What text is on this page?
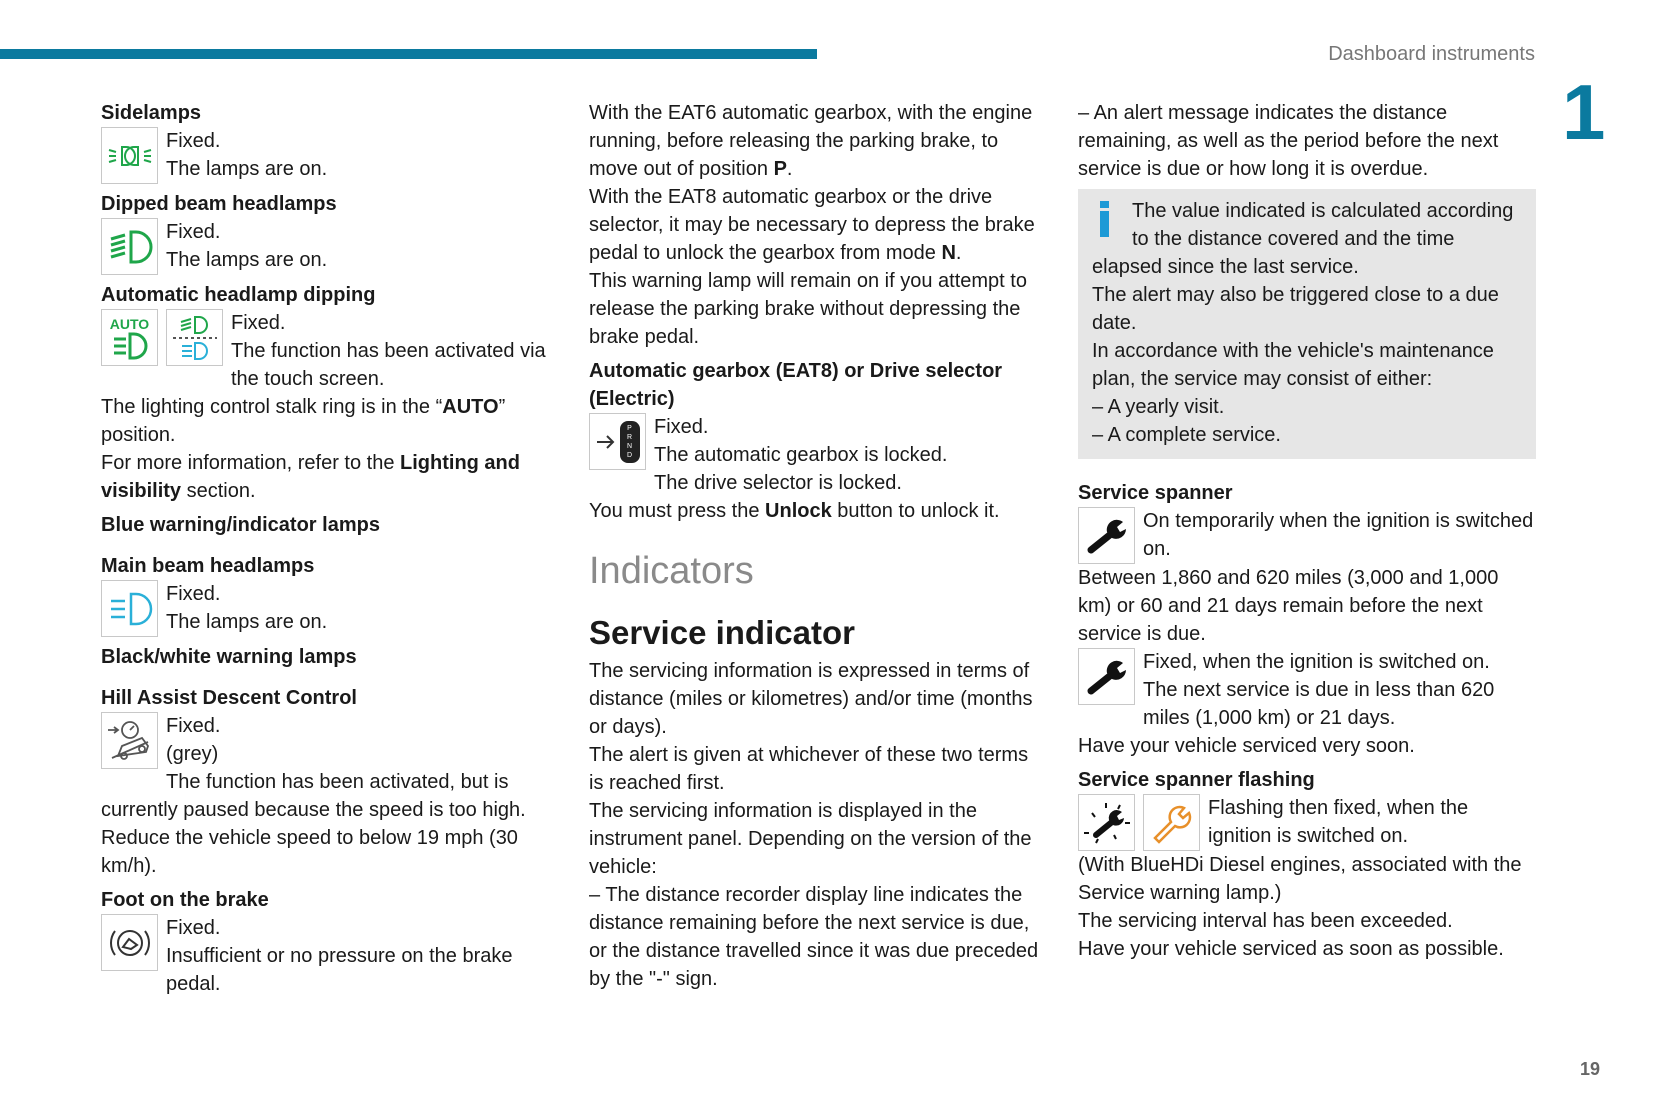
Dashboard instruments
1
19
Sidelamps

Fixed.

The lamps are on.

Dipped beam headlamps

Fixed.

The lamps are on.

Automatic headlamp dipping
AUTO	Fixed.

The function has been activated via the touch screen.

The lighting control stalk ring is in the “AUTO” position.

For more information, refer to the Lighting and visibility section.

Blue warning/indicator lamps
Main beam headlamps

Fixed.

The lamps are on.

Black/white warning lamps
Hill Assist Descent Control

Fixed.

(grey)

The function has been activated, but is currently paused because the speed is too high.

Reduce the vehicle speed to below 19 mph (30 km/h).

Foot on the brake

Fixed.

Insufficient or no pressure on the brake pedal.

With the EAT6 automatic gearbox, with the engine running, before releasing the parking brake, to move out of position P.

With the EAT8 automatic gearbox or the drive selector, it may be necessary to depress the brake pedal to unlock the gearbox from mode N.

This warning lamp will remain on if you attempt to release the parking brake without depressing the brake pedal.

Automatic gearbox (EAT8) or Drive selector (Electric)
PRND

Fixed.

The automatic gearbox is locked.

The drive selector is locked.

You must press the Unlock button to unlock it.

Indicators
Service indicator

The servicing information is expressed in terms of distance (miles or kilometres) and/or time (months or days).

The alert is given at whichever of these two terms is reached first.

The servicing information is displayed in the instrument panel. Depending on the version of the vehicle:

– The distance recorder display line indicates the distance remaining before the next service is due, or the distance travelled since it was due preceded by the "-" sign.

– An alert message indicates the distance remaining, as well as the period before the next service is due or how long it is overdue.

The value indicated is calculated according to the distance covered and the time elapsed since the last service.

The alert may also be triggered close to a due date.

In accordance with the vehicle's maintenance plan, the service may consist of either:

– A yearly visit.

– A complete service.

Service spanner

On temporarily when the ignition is switched on.

Between 1,860 and 620 miles (3,000 and 1,000 km) or 60 and 21 days remain before the next service is due.

Fixed, when the ignition is switched on.

The next service is due in less than 620 miles (1,000 km) or 21 days.

Have your vehicle serviced very soon.

Service spanner flashing

Flashing then fixed, when the ignition is switched on.

(With BlueHDi Diesel engines, associated with the Service warning lamp.)

The servicing interval has been exceeded.

Have your vehicle serviced as soon as possible.
